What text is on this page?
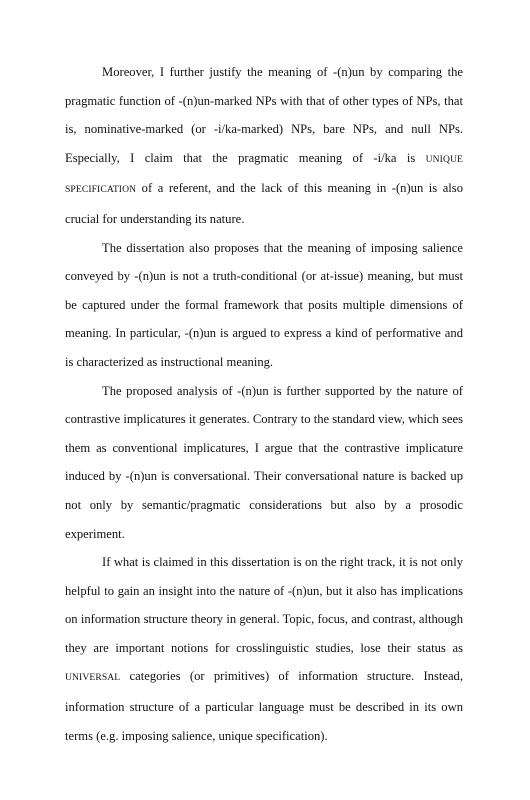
Moreover, I further justify the meaning of -(n)un by comparing the pragmatic function of -(n)un-marked NPs with that of other types of NPs, that is, nominative-marked (or -i/ka-marked) NPs, bare NPs, and null NPs. Especially, I claim that the pragmatic meaning of -i/ka is UNIQUE SPECIFICATION of a referent, and the lack of this meaning in -(n)un is also crucial for understanding its nature.

The dissertation also proposes that the meaning of imposing salience conveyed by -(n)un is not a truth-conditional (or at-issue) meaning, but must be captured under the formal framework that posits multiple dimensions of meaning. In particular, -(n)un is argued to express a kind of performative and is characterized as instructional meaning.

The proposed analysis of -(n)un is further supported by the nature of contrastive implicatures it generates. Contrary to the standard view, which sees them as conventional implicatures, I argue that the contrastive implicature induced by -(n)un is conversational. Their conversational nature is backed up not only by semantic/pragmatic considerations but also by a prosodic experiment.

If what is claimed in this dissertation is on the right track, it is not only helpful to gain an insight into the nature of -(n)un, but it also has implications on information structure theory in general. Topic, focus, and contrast, although they are important notions for crosslinguistic studies, lose their status as UNIVERSAL categories (or primitives) of information structure. Instead, information structure of a particular language must be described in its own terms (e.g. imposing salience, unique specification).
